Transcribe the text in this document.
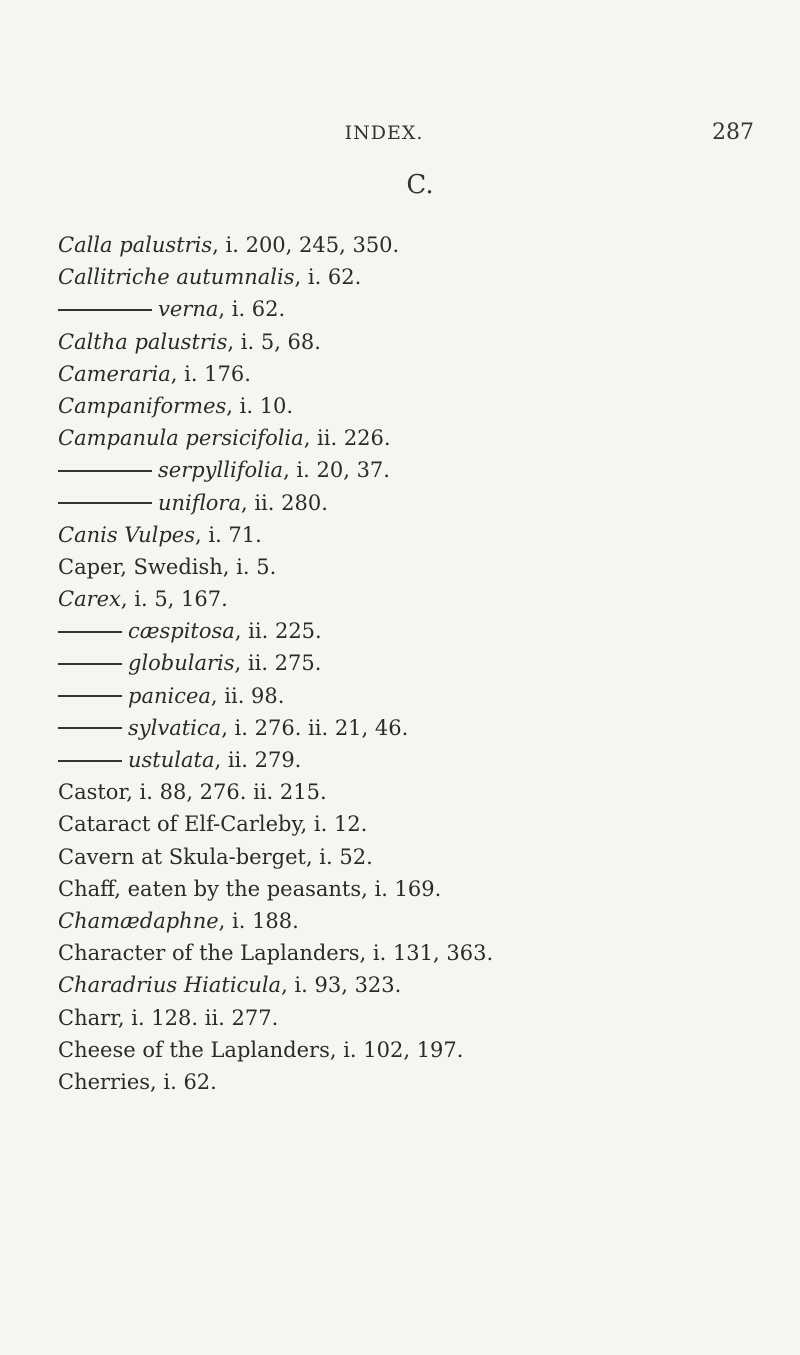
INDEX.	287
C.
Calla palustris, i. 200, 245, 350.
Callitriche autumnalis, i. 62.
verna, i. 62.
Caltha palustris, i. 5, 68.
Cameraria, i. 176.
Campaniformes, i. 10.
Campanula persicifolia, ii. 226.
serpyllifolia, i. 20, 37.
uniflora, ii. 280.
Canis Vulpes, i. 71.
Caper, Swedish, i. 5.
Carex, i. 5, 167.
cæspitosa, ii. 225.
globularis, ii. 275.
panicea, ii. 98.
sylvatica, i. 276. ii. 21, 46.
ustulata, ii. 279.
Castor, i. 88, 276. ii. 215.
Cataract of Elf-Carleby, i. 12.
Cavern at Skula-berget, i. 52.
Chaff, eaten by the peasants, i. 169.
Chamædaphne, i. 188.
Character of the Laplanders, i. 131, 363.
Charadrius Hiaticula, i. 93, 323.
Charr, i. 128. ii. 277.
Cheese of the Laplanders, i. 102, 197.
Cherries, i. 62.
